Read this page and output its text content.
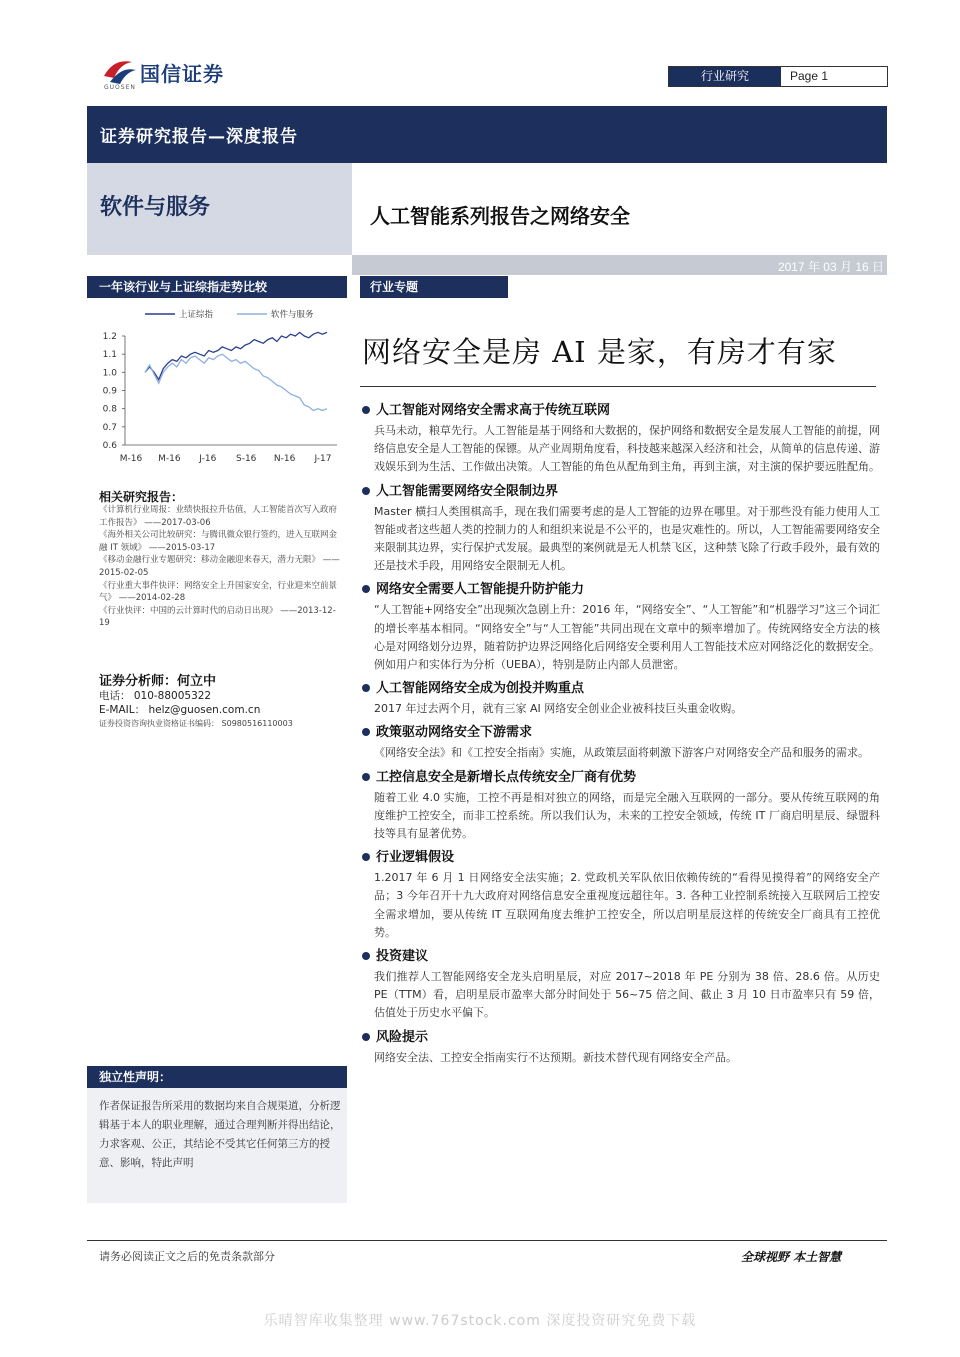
国信证券
GUOSEN
行业研究	Page 1
证券研究报告—深度报告
软件与服务	人工智能系列报告之网络安全
2017 年 03 月 16 日
一年该行业与上证综指走势比较
上证综指	软件与服务
1.2
1.1
1.0
0.9
0.8
0.7
0.6
M-16 M-16 J-16 S-16 N-16 J-17
行业专题
网络安全是房 AI 是家，有房才有家
相关研究报告：

《计算机行业周报：业绩快报拉升估值，人工智能首次写入政府工作报告》 ——2017-03-06

《海外相关公司比较研究：与腾讯微众银行签约，进入互联网金融 IT 领域》 ——2015-03-17

《移动金融行业专题研究：移动金融迎来春天，潜力无限》 ——2015-02-05

《行业重大事件快评：网络安全上升国家安全，行业迎来空前景气》 ——2014-02-28

《行业快评：中国的云计算时代的启动日出现》 ——2013-12-19

证券分析师：何立中
电话： 010-88005322
E-MAIL： helz@guosen.com.cn
证券投资咨询执业资格证书编码： S0980516110003
独立性声明：
作者保证报告所采用的数据均来自合规渠道，分析逻辑基于本人的职业理解，通过合理判断并得出结论，力求客观、公正，其结论不受其它任何第三方的授意、影响，特此声明

人工智能对网络安全需求高于传统互联网

兵马未动，粮草先行。人工智能是基于网络和大数据的，保护网络和数据安全是发展人工智能的前提，网络信息安全是人工智能的保镖。从产业周期角度看，科技越来越深入经济和社会，从简单的信息传递、游戏娱乐到为生活、工作做出决策。人工智能的角色从配角到主角，再到主演，对主演的保护要远胜配角。

人工智能需要网络安全限制边界

Master 横扫人类围棋高手，现在我们需要考虑的是人工智能的边界在哪里。对于那些没有能力使用人工智能或者这些超人类的控制力的人和组织来说是不公平的，也是灾难性的。所以，人工智能需要网络安全来限制其边界，实行保护式发展。最典型的案例就是无人机禁飞区，这种禁飞除了行政手段外，最有效的还是技术手段，用网络安全限制无人机。

网络安全需要人工智能提升防护能力

“人工智能+网络安全”出现频次急剧上升：2016 年，“网络安全”、“人工智能”和“机器学习”这三个词汇的增长率基本相同。“网络安全”与“人工智能”共同出现在文章中的频率增加了。传统网络安全方法的核心是对网络划分边界，随着防护边界泛网络化后网络安全要利用人工智能技术应对网络泛化的数据安全。例如用户和实体行为分析（UEBA），特别是防止内部人员泄密。

人工智能网络安全成为创投并购重点

2017 年过去两个月，就有三家 AI 网络安全创业企业被科技巨头重金收购。

政策驱动网络安全下游需求

《网络安全法》和《工控安全指南》实施，从政策层面将刺激下游客户对网络安全产品和服务的需求。

工控信息安全是新增长点传统安全厂商有优势

随着工业 4.0 实施，工控不再是相对独立的网络，而是完全融入互联网的一部分。要从传统互联网的角度维护工控安全，而非工控系统。所以我们认为，未来的工控安全领域，传统 IT 厂商启明星辰、绿盟科技等具有显著优势。

行业逻辑假设

1.2017 年 6 月 1 日网络安全法实施；2. 党政机关军队依旧依赖传统的“看得见摸得着”的网络安全产品；3 今年召开十九大政府对网络信息安全重视度远超往年。3. 各种工业控制系统接入互联网后工控安全需求增加，要从传统 IT 互联网角度去维护工控安全，所以启明星辰这样的传统安全厂商具有工控优势。

投资建议

我们推荐人工智能网络安全龙头启明星辰，对应 2017~2018 年 PE 分别为 38 倍、28.6 倍。从历史 PE（TTM）看，启明星辰市盈率大部分时间处于 56~75 倍之间、截止 3 月 10 日市盈率只有 59 倍，估值处于历史水平偏下。

风险提示

网络安全法、工控安全指南实行不达预期。新技术替代现有网络安全产品。

请务必阅读正文之后的免责条款部分	全球视野 本土智慧
乐晴智库收集整理 www.767stock.com 深度投资研究免费下载
